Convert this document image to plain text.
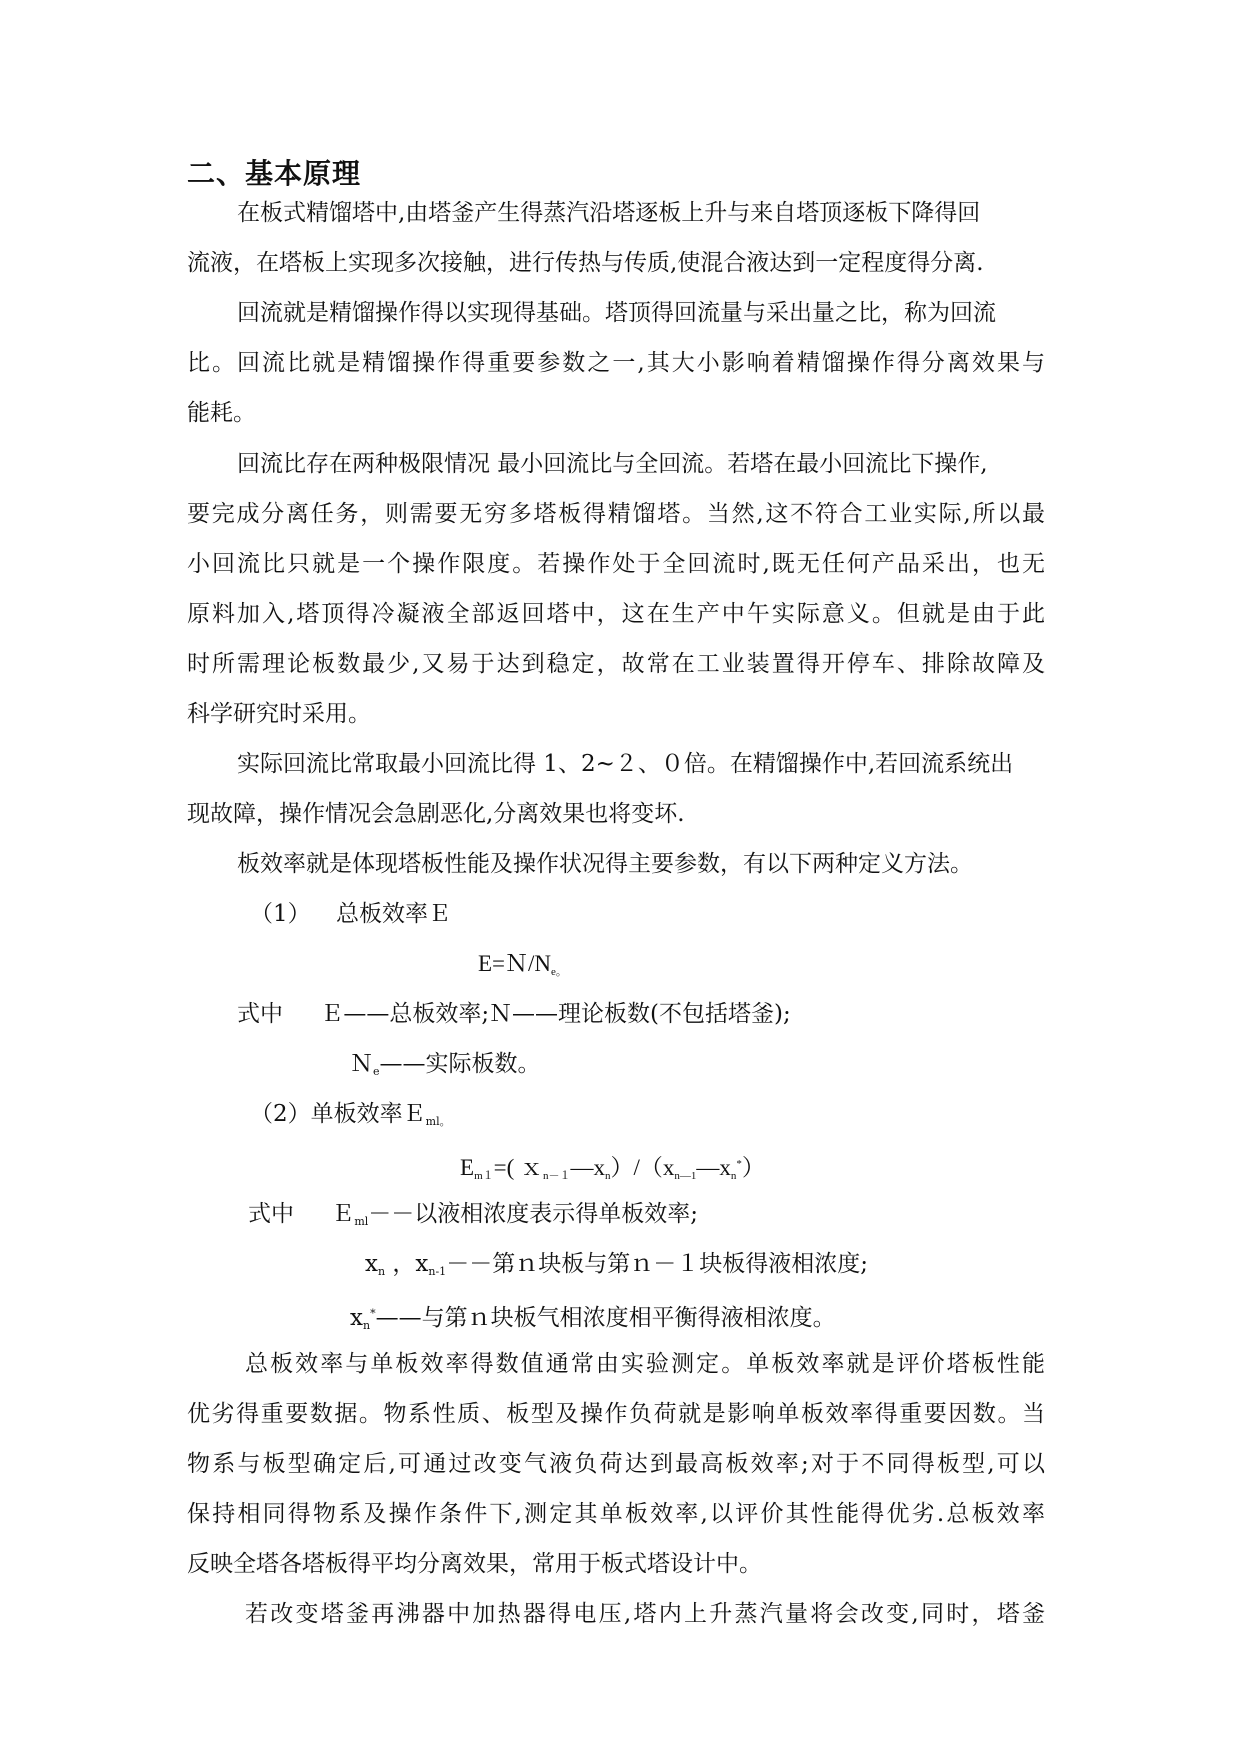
二、基本原理
在板式精馏塔中,由塔釜产生得蒸汽沿塔逐板上升与来自塔顶逐板下降得回
流液，在塔板上实现多次接触，进行传热与传质,使混合液达到一定程度得分离.
回流就是精馏操作得以实现得基础。塔顶得回流量与采出量之比，称为回流
比。回流比就是精馏操作得重要参数之一,其大小影响着精馏操作得分离效果与
能耗。
回流比存在两种极限情况 最小回流比与全回流。若塔在最小回流比下操作,
要完成分离任务，则需要无穷多塔板得精馏塔。当然,这不符合工业实际,所以最
小回流比只就是一个操作限度。若操作处于全回流时,既无任何产品采出，也无
原料加入,塔顶得冷凝液全部返回塔中，这在生产中午实际意义。但就是由于此
时所需理论板数最少,又易于达到稳定，故常在工业装置得开停车、排除故障及
科学研究时采用。
实际回流比常取最小回流比得 1、2~２、０倍。在精馏操作中,若回流系统出
现故障，操作情况会急剧恶化,分离效果也将变坏.
板效率就是体现塔板性能及操作状况得主要参数，有以下两种定义方法。
（1） 总板效率Ｅ
$E=N/N_{e。}$
式中 Ｅ——总板效率;Ｎ——理论板数(不包括塔釜);
Ｎ$_e$——实际板数。
（2）单板效率Ｅ$_{ml。}$
$E_{m1}=$( $x_{n-1}—x_n)/(x_{n—1}—x_n^*)$
式中 Ｅ$_{ml}$－－以液相浓度表示得单板效率;
$x_n$ ，$x_{n-1}--$第ｎ块板与第ｎ－１块板得液相浓度;
$x_n^*——$与第ｎ块板气相浓度相平衡得液相浓度。
总板效率与单板效率得数值通常由实验测定。单板效率就是评价塔板性能
优劣得重要数据。物系性质、板型及操作负荷就是影响单板效率得重要因数。当
物系与板型确定后,可通过改变气液负荷达到最高板效率;对于不同得板型,可以
保持相同得物系及操作条件下,测定其单板效率,以评价其性能得优劣.总板效率
反映全塔各塔板得平均分离效果，常用于板式塔设计中。
若改变塔釜再沸器中加热器得电压,塔内上升蒸汽量将会改变,同时，塔釜
